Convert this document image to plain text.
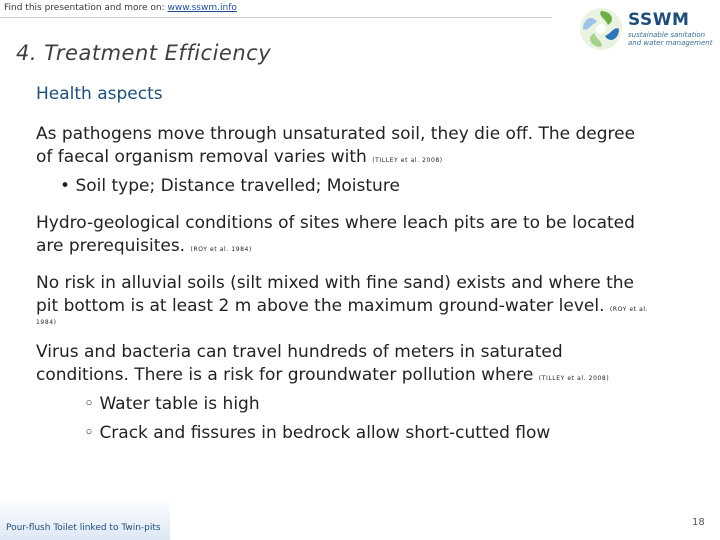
Find this presentation and more on: www.sswm.info
SSWM
sustainable sanitation
and water management
4. Treatment Efficiency
Health aspects
As pathogens move through unsaturated soil, they die off. The degree
of faecal organism removal varies with (TILLEY et al. 2008)
• Soil type; Distance travelled; Moisture
Hydro-geological conditions of sites where leach pits are to be located
are prerequisites. (ROY et al. 1984)
No risk in alluvial soils (silt mixed with fine sand) exists and where the
pit bottom is at least 2 m above the maximum ground-water level. (ROY et al.
1984)
Virus and bacteria can travel hundreds of meters in saturated
conditions. There is a risk for groundwater pollution where (TILLEY et al. 2008)
◦ Water table is high
◦ Crack and fissures in bedrock allow short-cutted flow
Pour-flush Toilet linked to Twin-pits	18
